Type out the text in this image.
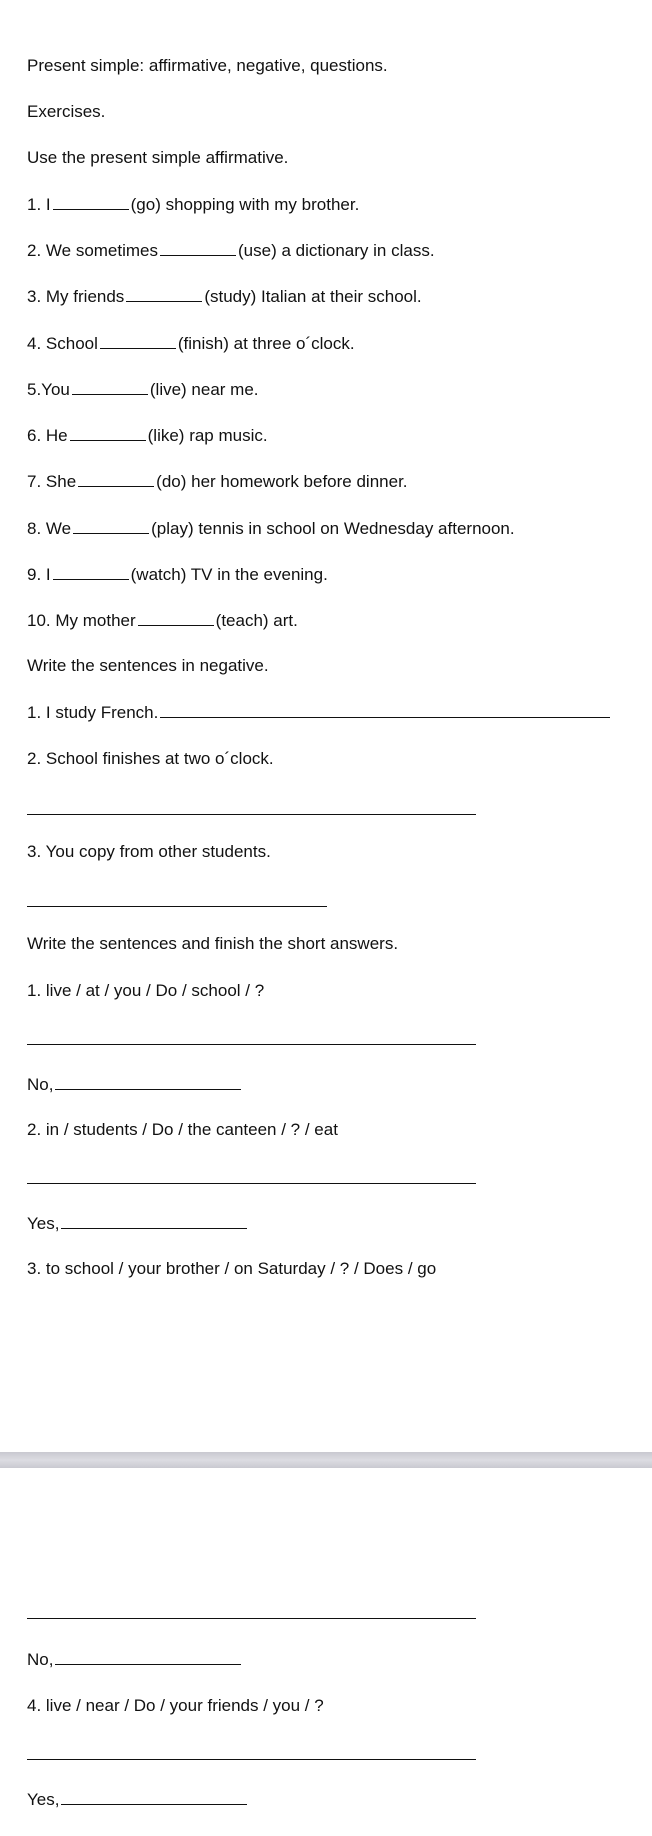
Present simple: affirmative, negative, questions.
Exercises.
Use the present simple affirmative.
1. I	(go) shopping with my brother.
2. We sometimes	(use) a dictionary in class.
3. My friends	(study) Italian at their school.
4. School	(finish) at three o´clock.
5.You	(live) near me.
6. He	(like) rap music.
7. She	(do) her homework before dinner.
8. We	(play) tennis in school on Wednesday afternoon.
9. I	(watch) TV in the evening.
10. My mother	(teach) art.
Write the sentences in negative.
1. I study French.
2. School finishes at two o´clock.
3. You copy from other students.
Write the sentences and finish the short answers.
1. live / at / you / Do / school / ?
No,
2. in / students / Do / the canteen / ? / eat
Yes,
3. to school / your brother / on Saturday / ? / Does / go
No,
4. live / near / Do / your friends / you / ?
Yes,
